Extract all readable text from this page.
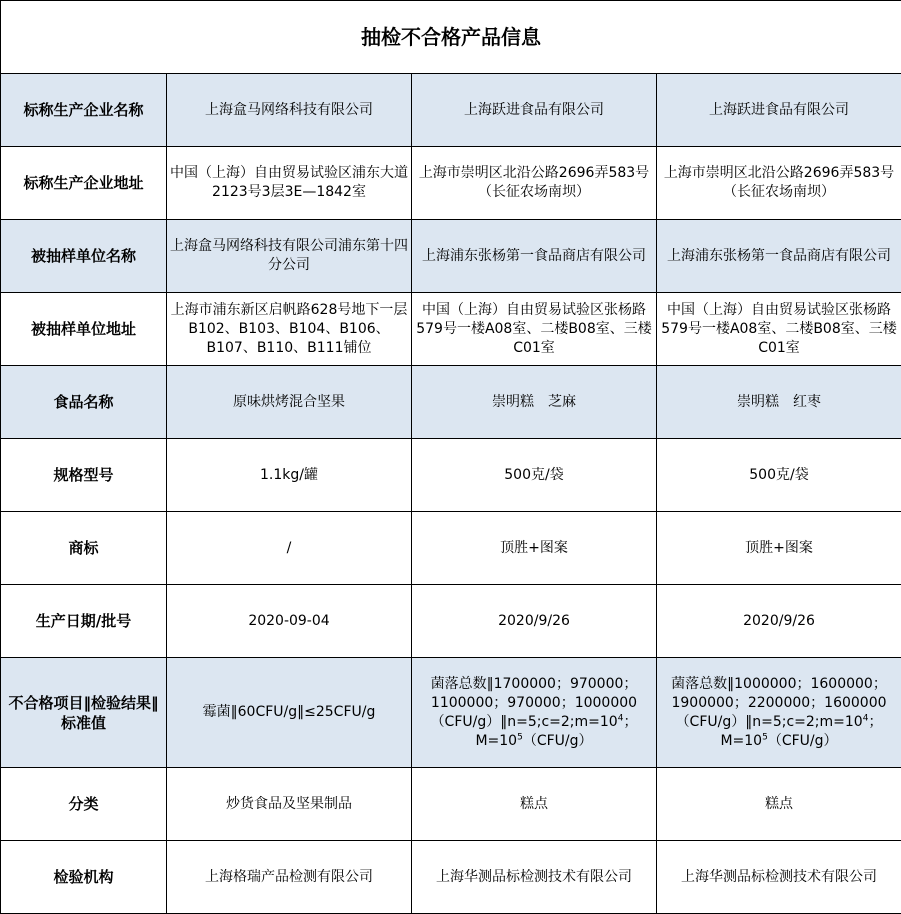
抽检不合格产品信息			
标称生产企业名称	上海盒马网络科技有限公司	上海跃进食品有限公司	上海跃进食品有限公司
标称生产企业地址	中国（上海）自由贸易试验区浦东大道2123号3层3E—1842室	上海市崇明区北沿公路2696弄583号（长征农场南坝）	上海市崇明区北沿公路2696弄583号（长征农场南坝）
被抽样单位名称	上海盒马网络科技有限公司浦东第十四分公司	上海浦东张杨第一食品商店有限公司	上海浦东张杨第一食品商店有限公司
被抽样单位地址	上海市浦东新区启帆路628号地下一层B102、B103、B104、B106、B107、B110、B111铺位	中国（上海）自由贸易试验区张杨路579号一楼A08室、二楼B08室、三楼C01室	中国（上海）自由贸易试验区张杨路579号一楼A08室、二楼B08室、三楼C01室
食品名称	原味烘烤混合坚果	崇明糕　芝麻	崇明糕　红枣
规格型号	1.1kg/罐	500克/袋	500克/袋
商标	/	顶胜+图案	顶胜+图案
生产日期/批号	2020-09-04	2020/9/26	2020/9/26
不合格项目‖检验结果‖标准值	霉菌‖60CFU/g‖≤25CFU/g	菌落总数‖1700000；970000；1100000；970000；$1000000(CFU/g)‖n=5;c=2;m=10^4$；$M=10^5(CFU/g)$	菌落总数‖1000000；1600000；1900000；2200000；$1600000(CFU/g)‖n=5;c=2;m=10^4$；$M=10^5(CFU/g)$
分类	炒货食品及坚果制品	糕点	糕点
检验机构	上海格瑞产品检测有限公司	上海华测品标检测技术有限公司	上海华测品标检测技术有限公司
